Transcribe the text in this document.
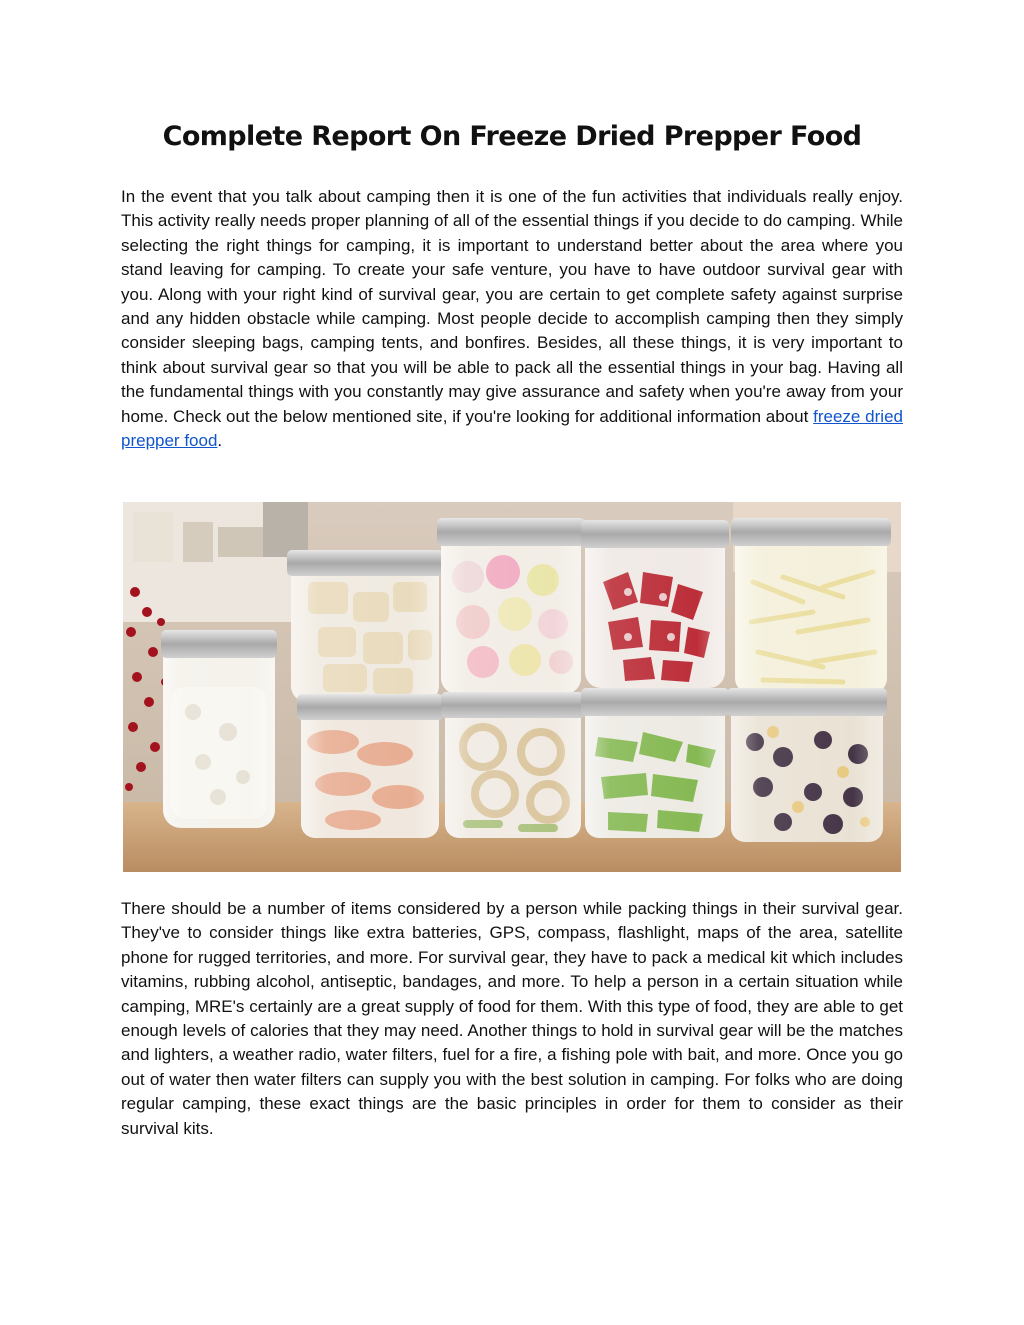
Complete Report On Freeze Dried Prepper Food

In the event that you talk about camping then it is one of the fun activities that individuals really enjoy. This activity really needs proper planning of all of the essential things if you decide to do camping. While selecting the right things for camping, it is important to understand better about the area where you stand leaving for camping. To create your safe venture, you have to have outdoor survival gear with you. Along with your right kind of survival gear, you are certain to get complete safety against surprise and any hidden obstacle while camping. Most people decide to accomplish camping then they simply consider sleeping bags, camping tents, and bonfires. Besides, all these things, it is very important to think about survival gear so that you will be able to pack all the essential things in your bag. Having all the fundamental things with you constantly may give assurance and safety when you're away from your home. Check out the below mentioned site, if you're looking for additional information about freeze dried prepper food.

There should be a number of items considered by a person while packing things in their survival gear. They've to consider things like extra batteries, GPS, compass, flashlight, maps of the area, satellite phone for rugged territories, and more. For survival gear, they have to pack a medical kit which includes vitamins, rubbing alcohol, antiseptic, bandages, and more. To help a person in a certain situation while camping, MRE's certainly are a great supply of food for them. With this type of food, they are able to get enough levels of calories that they may need. Another things to hold in survival gear will be the matches and lighters, a weather radio, water filters, fuel for a fire, a fishing pole with bait, and more. Once you go out of water then water filters can supply you with the best solution in camping. For folks who are doing regular camping, these exact things are the basic principles in order for them to consider as their survival kits.
